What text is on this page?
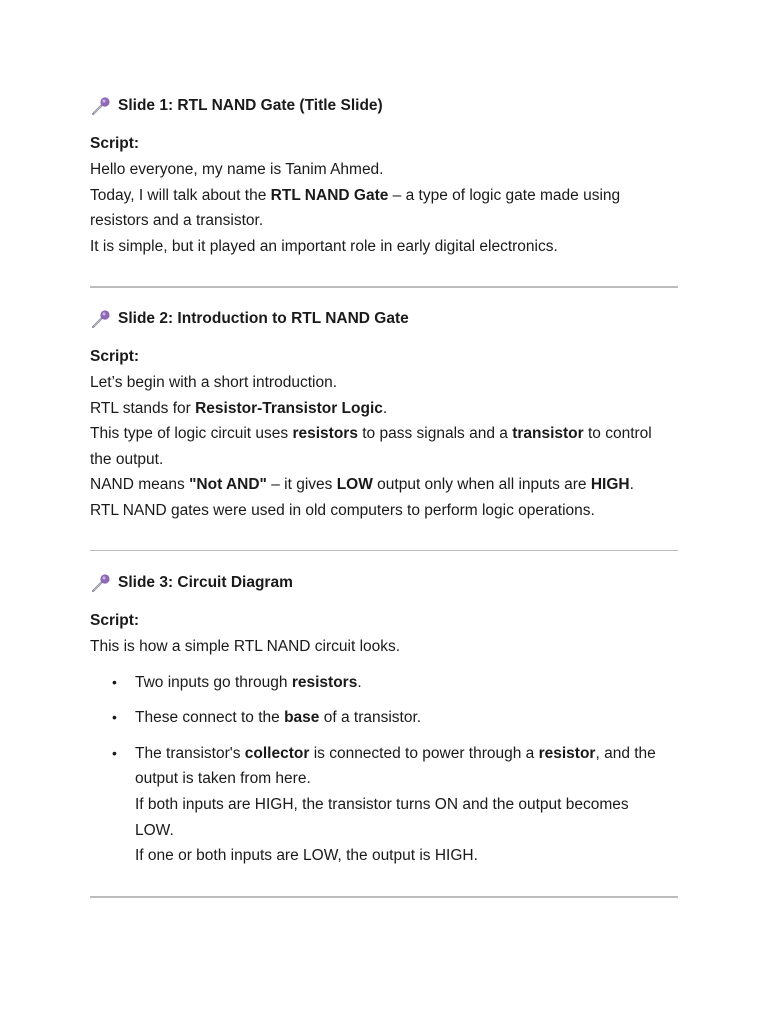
Slide 1: RTL NAND Gate (Title Slide)
Script:
Hello everyone, my name is Tanim Ahmed.
Today, I will talk about the RTL NAND Gate – a type of logic gate made using
resistors and a transistor.
It is simple, but it played an important role in early digital electronics.
Slide 2: Introduction to RTL NAND Gate
Script:
Let’s begin with a short introduction.
RTL stands for Resistor-Transistor Logic.
This type of logic circuit uses resistors to pass signals and a transistor to control
the output.
NAND means "Not AND" – it gives LOW output only when all inputs are HIGH.
RTL NAND gates were used in old computers to perform logic operations.
Slide 3: Circuit Diagram
Script:
This is how a simple RTL NAND circuit looks.
• Two inputs go through resistors.
• These connect to the base of a transistor.
• The transistor's collector is connected to power through a resistor, and the
output is taken from here.
If both inputs are HIGH, the transistor turns ON and the output becomes
LOW.
If one or both inputs are LOW, the output is HIGH.
